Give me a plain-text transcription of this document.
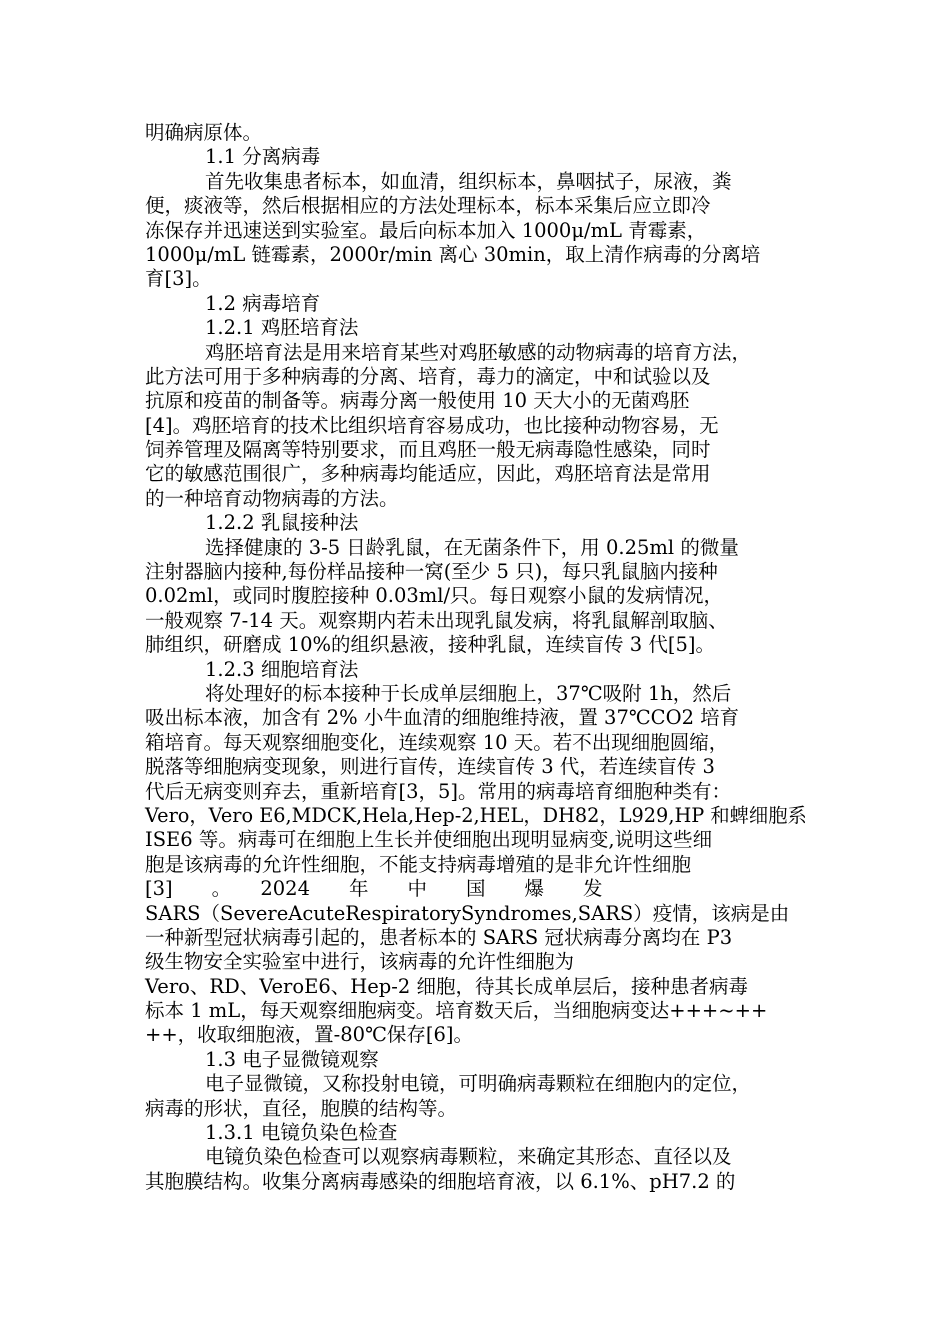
明确病原体。
1.1 分离病毒
首先收集患者标本，如血清，组织标本，鼻咽拭子，尿液，粪
便，痰液等，然后根据相应的方法处理标本，标本采集后应立即冷
冻保存并迅速送到实验室。最后向标本加入 1000μ/mL 青霉素，
1000μ/mL 链霉素，2000r/min 离心 30min，取上清作病毒的分离培
育[3]。
1.2 病毒培育
1.2.1 鸡胚培育法
鸡胚培育法是用来培育某些对鸡胚敏感的动物病毒的培育方法，
此方法可用于多种病毒的分离、培育，毒力的滴定，中和试验以及
抗原和疫苗的制备等。病毒分离一般使用 10 天大小的无菌鸡胚
[4]。鸡胚培育的技术比组织培育容易成功，也比接种动物容易，无
饲养管理及隔离等特别要求，而且鸡胚一般无病毒隐性感染，同时
它的敏感范围很广，多种病毒均能适应，因此，鸡胚培育法是常用
的一种培育动物病毒的方法。
1.2.2 乳鼠接种法
选择健康的 3-5 日龄乳鼠，在无菌条件下，用 0.25ml 的微量
注射器脑内接种,每份样品接种一窝(至少 5 只)，每只乳鼠脑内接种
0.02ml，或同时腹腔接种 0.03ml/只。每日观察小鼠的发病情况，
一般观察 7-14 天。观察期内若未出现乳鼠发病，将乳鼠解剖取脑、
肺组织，研磨成 10%的组织悬液，接种乳鼠，连续盲传 3 代[5]。
1.2.3 细胞培育法
将处理好的标本接种于长成单层细胞上，37℃吸附 1h，然后
吸出标本液，加含有 2% 小牛血清的细胞维持液，置 37℃CO2 培育
箱培育。每天观察细胞变化，连续观察 10 天。若不出现细胞圆缩，
脱落等细胞病变现象，则进行盲传，连续盲传 3 代，若连续盲传 3
代后无病变则弃去，重新培育[3，5]。常用的病毒培育细胞种类有：
Vero，Vero E6,MDCK,Hela,Hep-2,HEL，DH82，L929,HP 和蜱细胞系
ISE6 等。病毒可在细胞上生长并使细胞出现明显病变,说明这些细
胞是该病毒的允许性细胞，不能支持病毒增殖的是非允许性细胞
[3]　　。　　2024　　年　　中　　国　　爆　　发
SARS（SevereAcuteRespiratorySyndromes,SARS）疫情，该病是由
一种新型冠状病毒引起的，患者标本的 SARS 冠状病毒分离均在 P3
级生物安全实验室中进行，该病毒的允许性细胞为
Vero、RD、VeroE6、Hep-2 细胞，待其长成单层后，接种患者病毒
标本 1 mL，每天观察细胞病变。培育数天后，当细胞病变达+++~++
++，收取细胞液，置-80℃保存[6]。
1.3 电子显微镜观察
电子显微镜，又称投射电镜，可明确病毒颗粒在细胞内的定位，
病毒的形状，直径，胞膜的结构等。
1.3.1 电镜负染色检查
电镜负染色检查可以观察病毒颗粒，来确定其形态、直径以及
其胞膜结构。收集分离病毒感染的细胞培育液，以 6.1%、pH7.2 的
